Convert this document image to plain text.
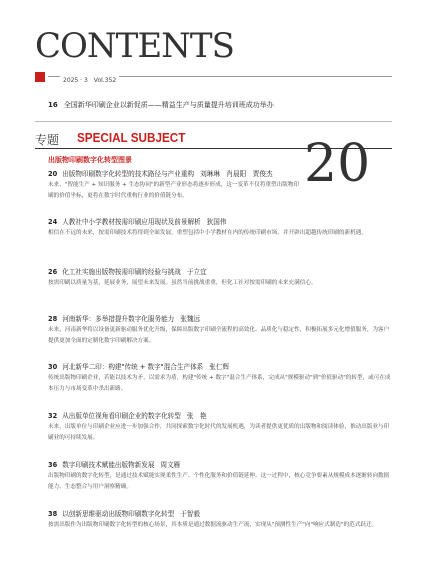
CONTENTS
2025 · 3　Vol.352
16 全国新华印刷企业以新促质——精益生产与质量提升培训班成功举办
专题 SPECIAL SUBJECT
出版物印刷数字化转型图景	20
20 出版物印刷数字化转型的技术路径与产业重构 刘琳琳　肖晨阳　贾俊杰
未来，"智能生产 + 知识服务 + 生态协同"的新型产业形态将逐步形成，这一变革不仅将重塑出版物印刷的价值坐标，更将在数字时代重构行业的价值链分布。
24 人教社中小学教材按需印刷应用现状及前景解析 狄国伟
相信在不远的未来，按需印刷技术将得到全面发展，重塑包括中小学教材在内的传统印刷市场，并开辟出超越传统印刷的新机遇。
26 化工社实施出版物按需印刷的经验与挑战 于立宜
按需印刷以质量为基，延展业务，展望未来发展。虽然当前挑战重重，但化工社对按需印刷的未来充满信心。
28 河南新华：多举措提升数字化服务能力 张魏远
未来，河南新华将以设备更新驱动服务优化升级，保障出版数字印刷全流程的高效化、品质化与稳定性，积极拓展多元化增值服务，为客户提供更加全面的定制化数字印刷解决方案。
30 河北新华二印：构建"传统 + 数字"混合生产体系 张仁辉
传统出版物印刷企业，若能以技术为矛、以需求为盾，构建"传统 + 数字"混合生产体系，完成从"规模驱动"到"价值驱动"的转型，或可在成本压力与市场变革中杀出新路。
32 从出版单位视角看印刷企业的数字化转型 张　艳
未来，出版单位与印刷企业应进一步加强合作，共同探索数字化时代的发展机遇，为读者提供更优质的出版物和阅读体验，推动出版业与印刷业的可持续发展。
36 数字印刷技术赋能出版物新发展 周文雁
出版物印刷的数字化转型，是通过技术赋能实现柔性生产、个性化服务和价值链延伸。这一过程中，核心竞争要素从规模成本逐渐转向数据能力、生态整合与用户洞察精确。
38 以创新思维驱动出版物印刷数字化转型 于智毅
按需出版作为出版物印刷数字化转型的核心场景，其本质是通过数据流驱动生产流，实现从"预测性生产"向"响应式制造"的范式跃迁。
